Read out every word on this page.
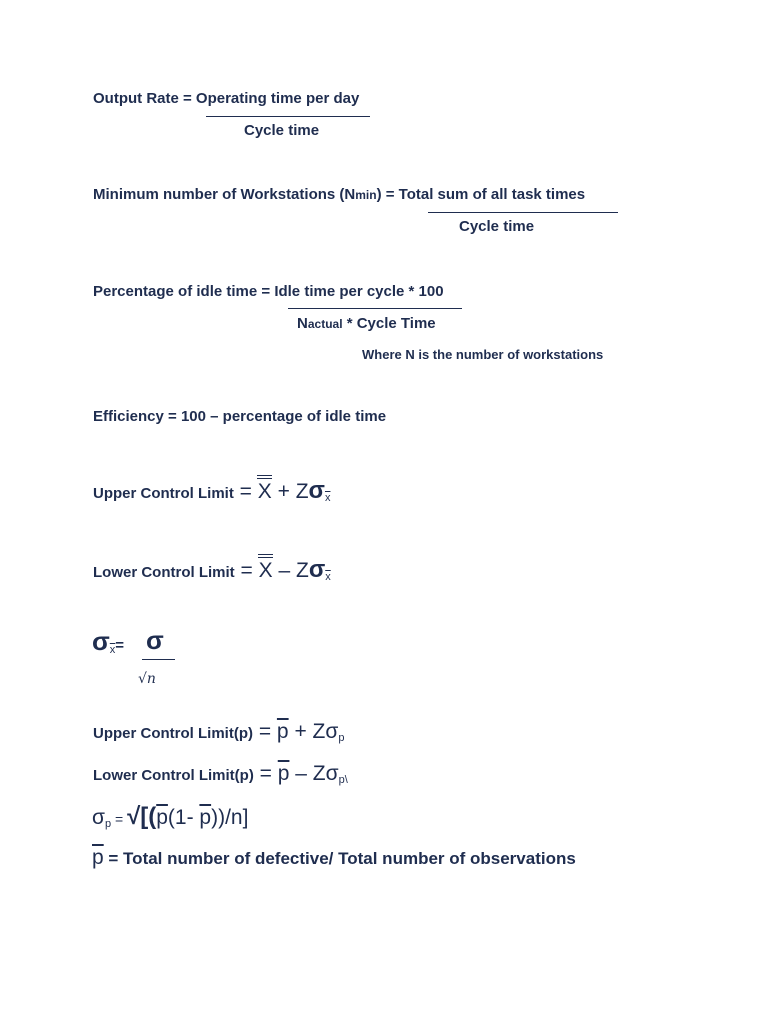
Output Rate = Operating time per day
Cycle time
Minimum number of Workstations (Nmin) = Total sum of all task times
Cycle time
Percentage of idle time = Idle time per cycle * 100
Nactual * Cycle Time
Where N is the number of workstations
Efficiency = 100 – percentage of idle time
Upper Control Limit = X
+ $Z\sigma_{\overline{x}}$
Lower Control Limit = X
– $Z\sigma_{\overline{x}}$
$\sigma_{\overline{x}}= \sigma$
√n
Upper Control Limit(p) = $\overline{p} + Z\sigma_p$
Lower Control Limit(p) = $\overline{p} - Z\sigma_{p\backslash}$
$\sigma p = √[(\overline{p}(1-$ $\overline{p}))/n$]
$\overline{p}$ = Total number of defective/ Total number of observations
